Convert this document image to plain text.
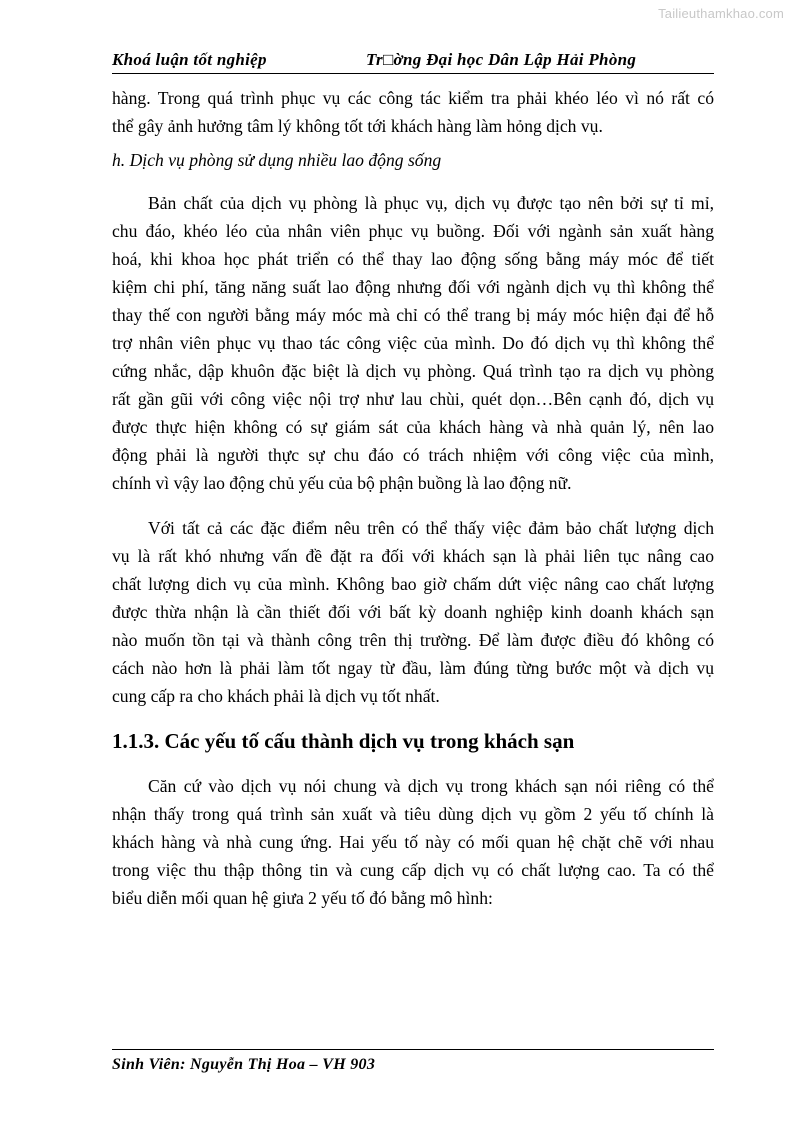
Tailieuthamkhao.com
Khoá luận tốt nghiệp	Tr□ờng Đại học Dân Lập Hải Phòng
hàng. Trong quá trình phục vụ các công tác kiểm tra phải khéo léo vì nó rất có
thể gây ảnh hưởng tâm lý không tốt tới khách hàng làm hỏng dịch vụ.
h. Dịch vụ phòng sử dụng nhiều lao động sống
Bản chất của dịch vụ phòng là phục vụ, dịch vụ được tạo nên bởi sự tỉ mỉ,
chu đáo, khéo léo của nhân viên phục vụ buồng. Đối với ngành sản xuất hàng
hoá, khi khoa học phát triển có thể thay lao động sống bằng máy móc để tiết
kiệm chi phí, tăng năng suất lao động nhưng đối với ngành dịch vụ thì không thể
thay thế con người bằng máy móc mà chỉ có thể trang bị máy móc hiện đại để hỗ
trợ nhân viên phục vụ thao tác công việc của mình. Do đó dịch vụ thì không thể
cứng nhắc, dập khuôn đặc biệt là dịch vụ phòng. Quá trình tạo ra dịch vụ phòng
rất gần gũi với công việc nội trợ như lau chùi, quét dọn…Bên cạnh đó, dịch vụ
được thực hiện không có sự giám sát của khách hàng và nhà quản lý, nên lao
động phải là người thực sự chu đáo có trách nhiệm với công việc của mình,
chính vì vậy lao động chủ yếu của bộ phận buồng là lao động nữ.
Với tất cả các đặc điểm nêu trên có thể thấy việc đảm bảo chất lượng dịch
vụ là rất khó nhưng vấn đề đặt ra đối với khách sạn là phải liên tục nâng cao
chất lượng dich vụ của mình. Không bao giờ chấm dứt việc nâng cao chất lượng
được thừa nhận là cần thiết đối với bất kỳ doanh nghiệp kinh doanh khách sạn
nào muốn tồn tại và thành công trên thị trường. Để làm được điều đó không có
cách nào hơn là phải làm tốt ngay từ đầu, làm đúng từng bước một và dịch vụ
cung cấp ra cho khách phải là dịch vụ tốt nhất.
1.1.3. Các yếu tố cấu thành dịch vụ trong khách sạn
Căn cứ vào dịch vụ nói chung và dịch vụ trong khách sạn nói riêng có thể
nhận thấy trong quá trình sản xuất và tiêu dùng dịch vụ gồm 2 yếu tố chính là
khách hàng và nhà cung ứng. Hai yếu tố này có mối quan hệ chặt chẽ với nhau
trong việc thu thập thông tin và cung cấp dịch vụ có chất lượng cao. Ta có thể
biểu diễn mối quan hệ giưa 2 yếu tố đó bằng mô hình:
Sinh Viên: Nguyễn Thị Hoa – VH 903
